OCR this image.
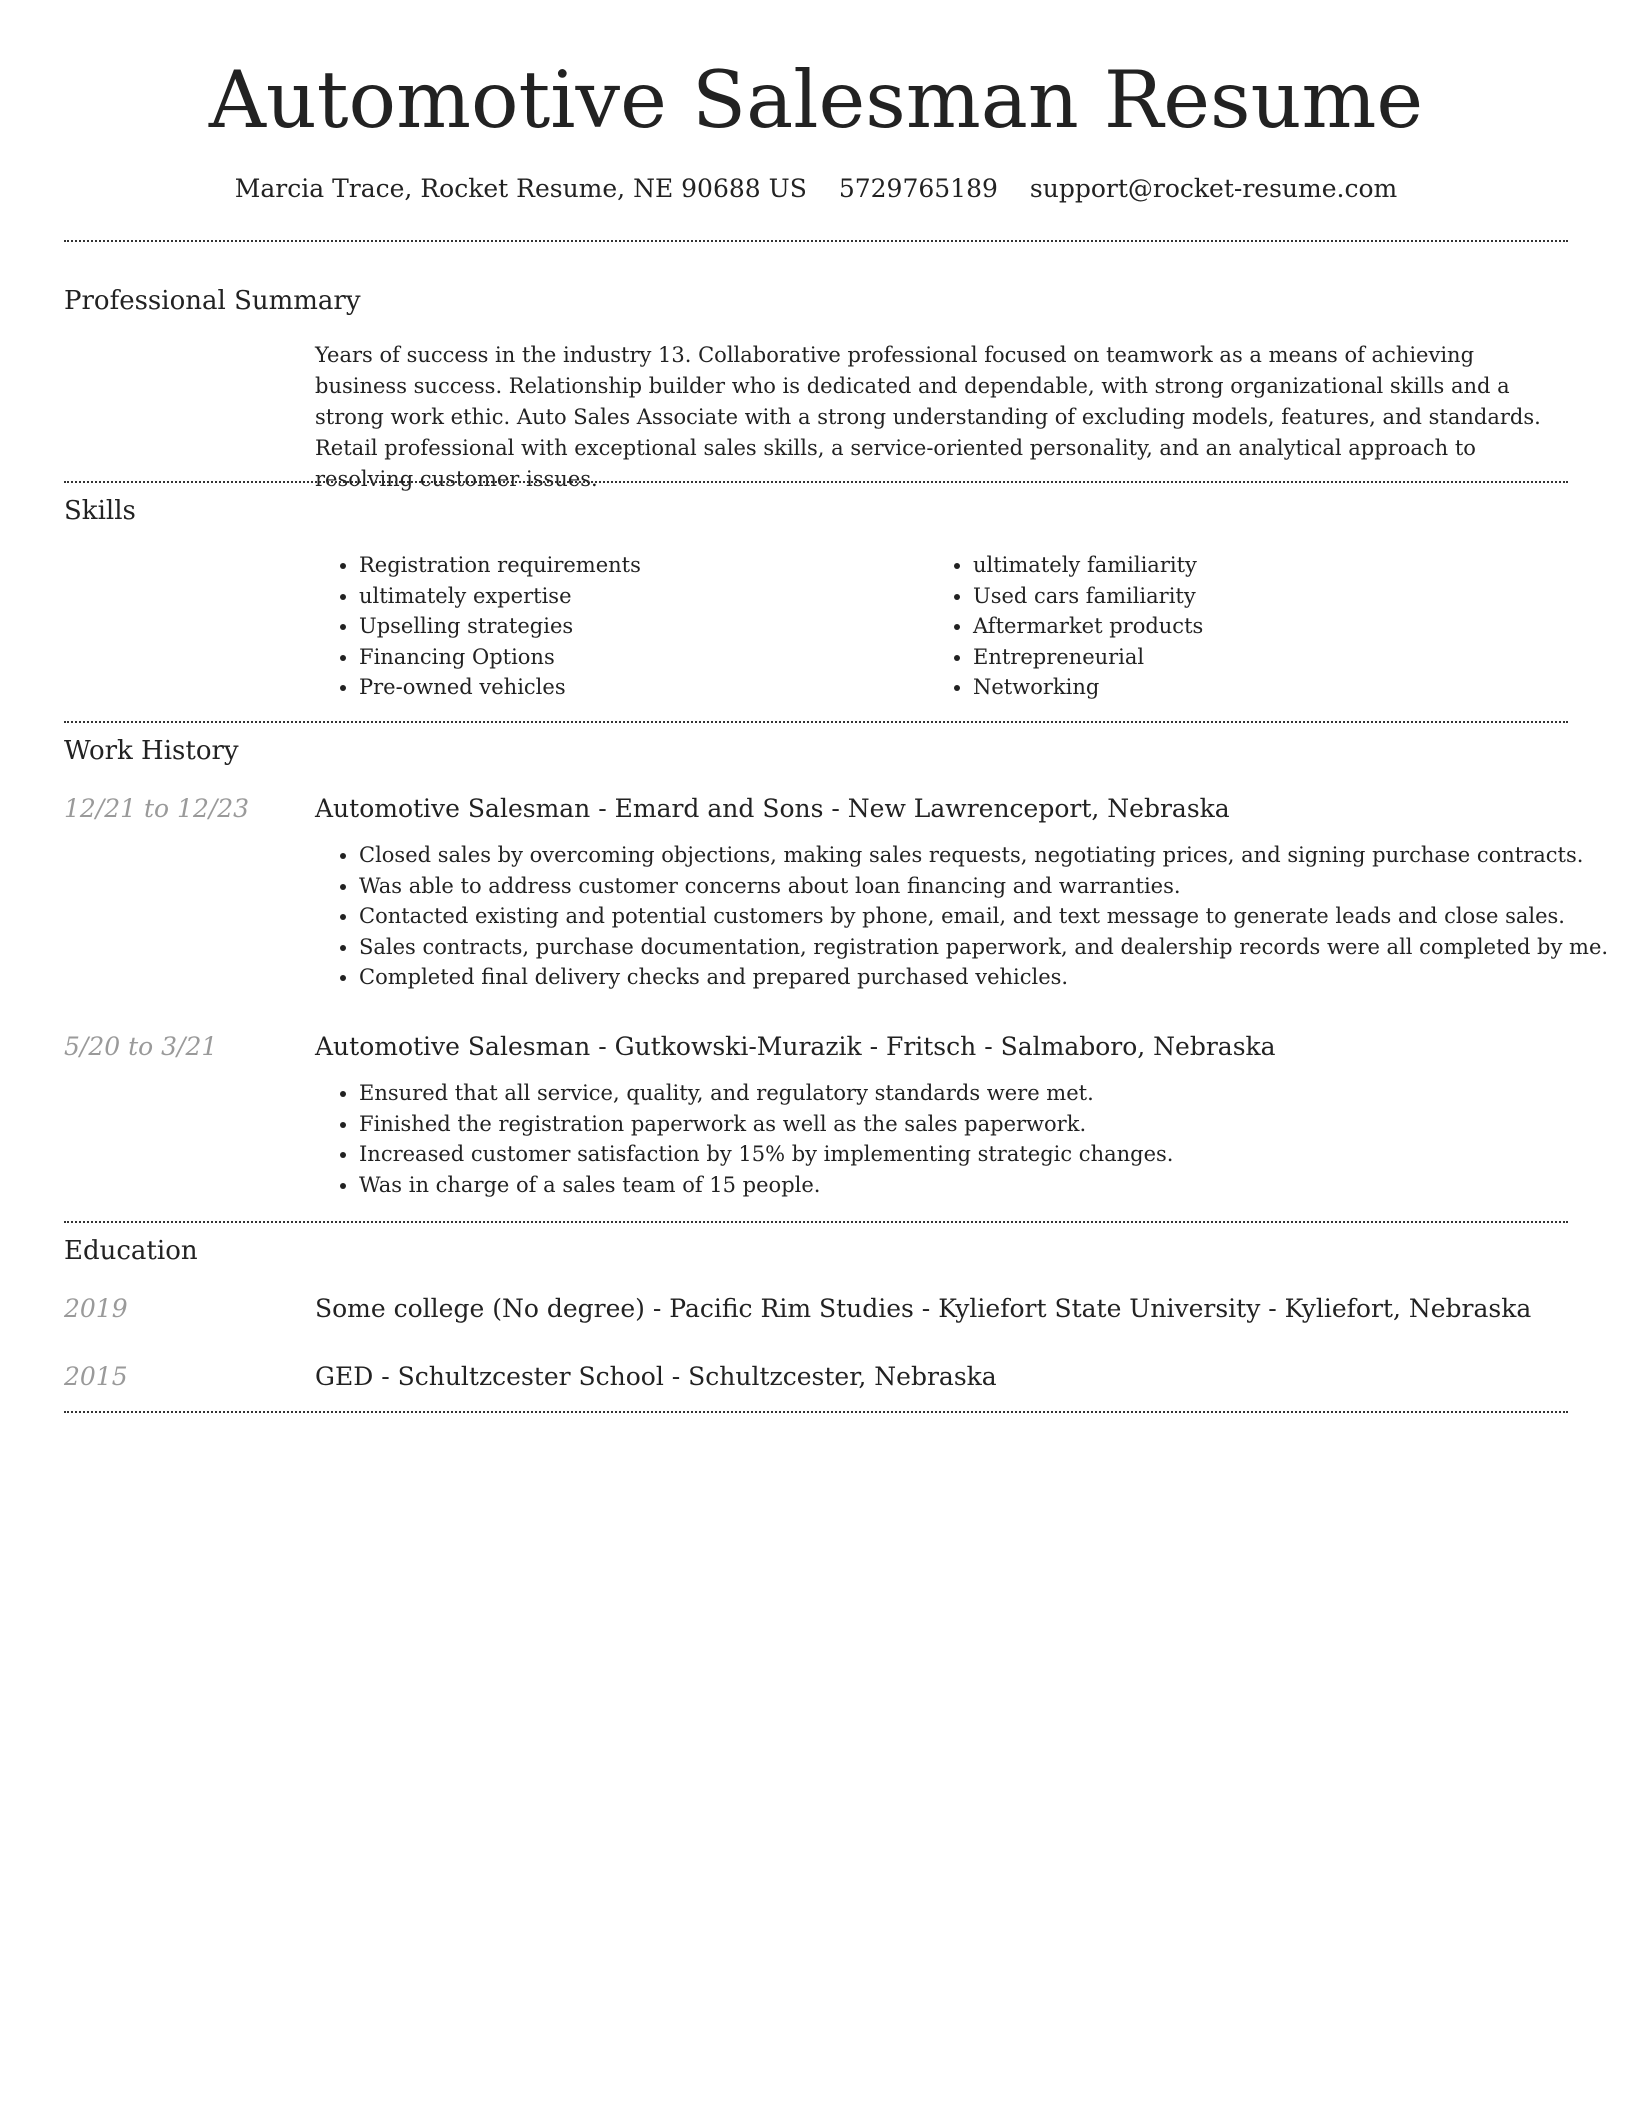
Automotive Salesman Resume
Marcia Trace, Rocket Resume, NE 90688 US 5729765189 support@rocket-resume.com
Professional Summary

Years of success in the industry 13. Collaborative professional focused on teamwork as a means of achieving business success. Relationship builder who is dedicated and dependable, with strong organizational skills and a strong work ethic. Auto Sales Associate with a strong understanding of excluding models, features, and standards. Retail professional with exceptional sales skills, a service-oriented personality, and an analytical approach to resolving customer issues.

Skills
• Registration requirements
• ultimately expertise
• Upselling strategies
• Financing Options
• Pre-owned vehicles
• ultimately familiarity
• Used cars familiarity
• Aftermarket products
• Entrepreneurial
• Networking
Work History
12/21 to 12/23	Automotive Salesman - Emard and Sons - New Lawrenceport, Nebraska
• Closed sales by overcoming objections, making sales requests, negotiating prices, and signing purchase contracts.
• Was able to address customer concerns about loan financing and warranties.
• Contacted existing and potential customers by phone, email, and text message to generate leads and close sales.
• Sales contracts, purchase documentation, registration paperwork, and dealership records were all completed by me.
• Completed final delivery checks and prepared purchased vehicles.
5/20 to 3/21	Automotive Salesman - Gutkowski-Murazik - Fritsch - Salmaboro, Nebraska
• Ensured that all service, quality, and regulatory standards were met.
• Finished the registration paperwork as well as the sales paperwork.
• Increased customer satisfaction by 15% by implementing strategic changes.
• Was in charge of a sales team of 15 people.
Education
2019	Some college (No degree) - Pacific Rim Studies - Kyliefort State University - Kyliefort, Nebraska
2015	GED - Schultzcester School - Schultzcester, Nebraska
